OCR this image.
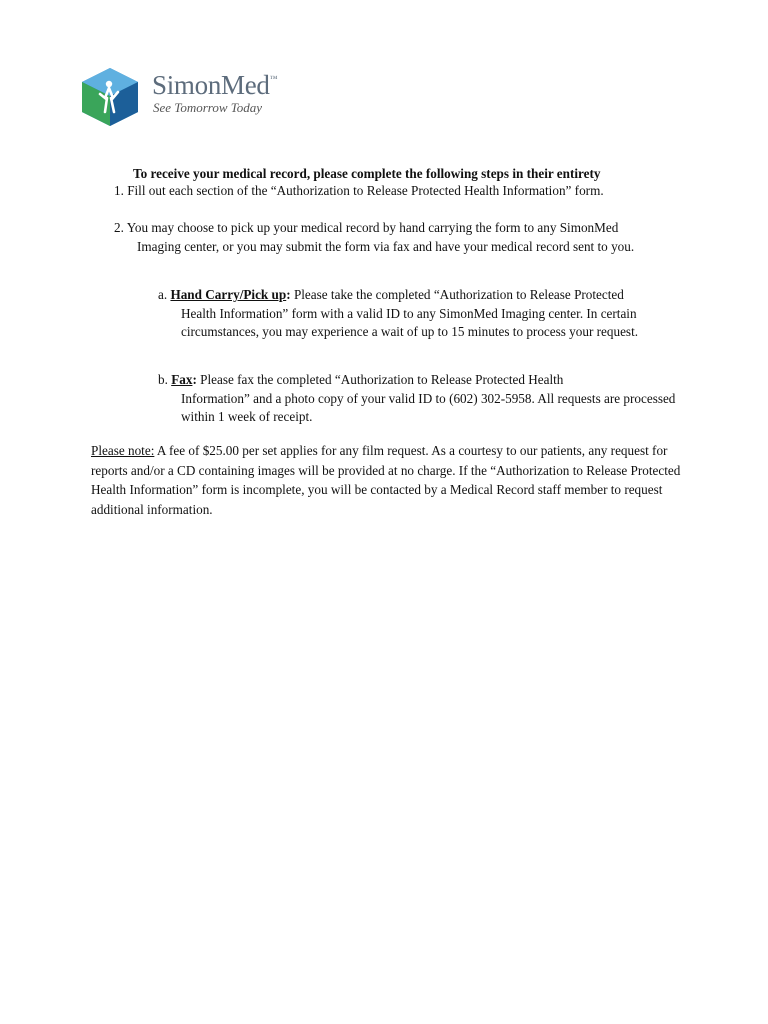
SimonMed™
See Tomorrow Today
To receive your medical record, please complete the following steps in their entirety
1. Fill out each section of the “Authorization to Release Protected Health Information” form.
2. You may choose to pick up your medical record by hand carrying the form to any SimonMed
Imaging center, or you may submit the form via fax and have your medical record sent to you.
a. Hand Carry/Pick up: Please take the completed “Authorization to Release Protected
Health Information” form with a valid ID to any SimonMed Imaging center. In certain circumstances, you may experience a wait of up to 15 minutes to process your request.
b. Fax: Please fax the completed “Authorization to Release Protected Health
Information” and a photo copy of your valid ID to (602) 302-5958. All requests are processed within 1 week of receipt.
Please note: A fee of $25.00 per set applies for any film request. As a courtesy to our patients, any request for reports and/or a CD containing images will be provided at no charge. If the “Authorization to Release Protected Health Information” form is incomplete, you will be contacted by a Medical Record staff member to request additional information.
